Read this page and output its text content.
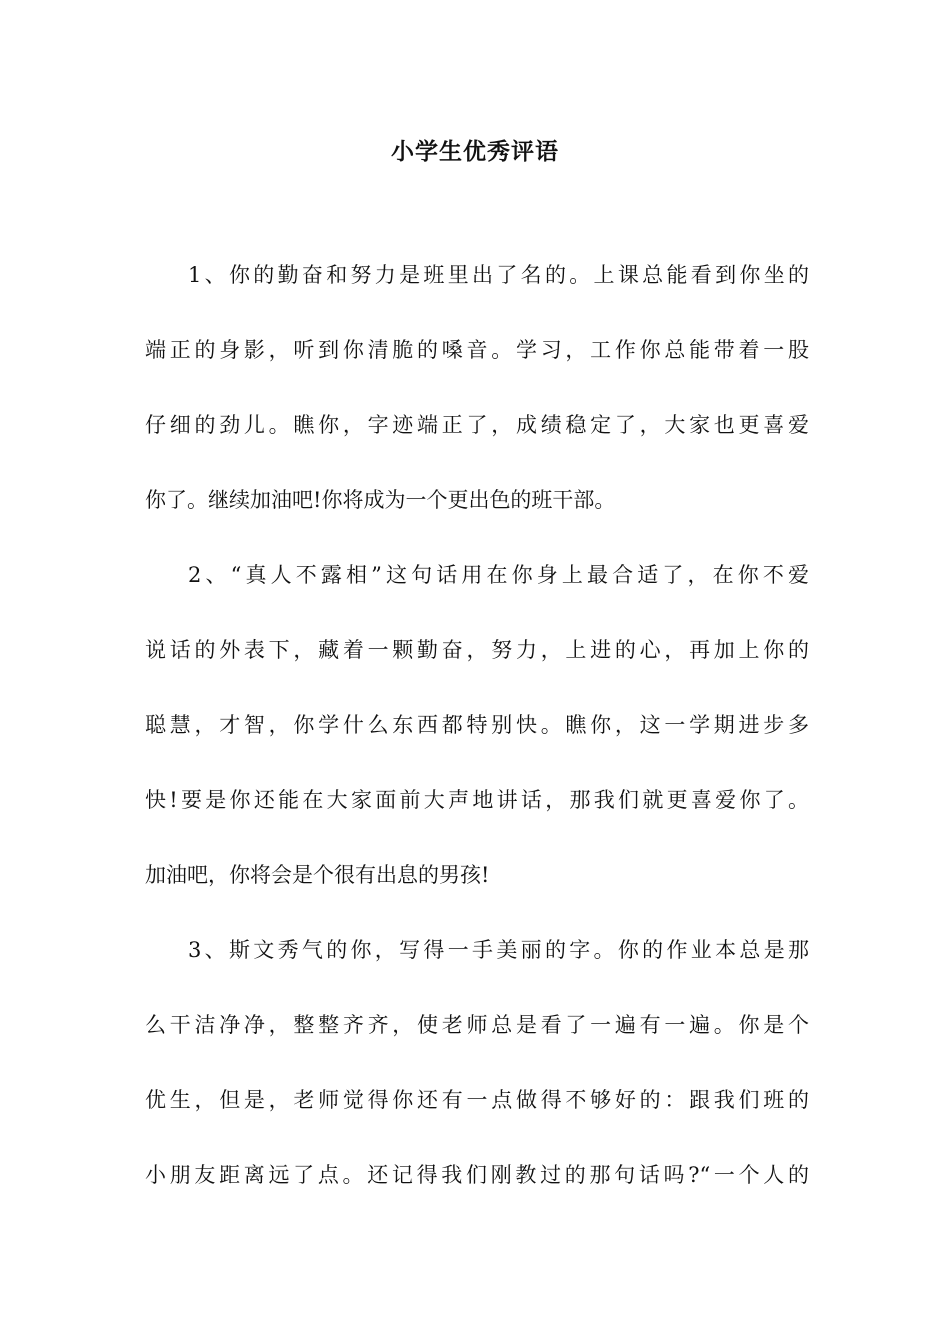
小学生优秀评语
1、你的勤奋和努力是班里出了名的。上课总能看到你坐的
端正的身影，听到你清脆的嗓音。学习，工作你总能带着一股
仔细的劲儿。瞧你，字迹端正了，成绩稳定了，大家也更喜爱
你了。继续加油吧!你将成为一个更出色的班干部。
2、“真人不露相”这句话用在你身上最合适了，在你不爱
说话的外表下，藏着一颗勤奋，努力，上进的心，再加上你的
聪慧，才智，你学什么东西都特别快。瞧你，这一学期进步多
快!要是你还能在大家面前大声地讲话，那我们就更喜爱你了。
加油吧，你将会是个很有出息的男孩!
3、斯文秀气的你，写得一手美丽的字。你的作业本总是那
么干洁净净，整整齐齐，使老师总是看了一遍有一遍。你是个
优生，但是，老师觉得你还有一点做得不够好的：跟我们班的
小朋友距离远了点。还记得我们刚教过的那句话吗?“一个人的
